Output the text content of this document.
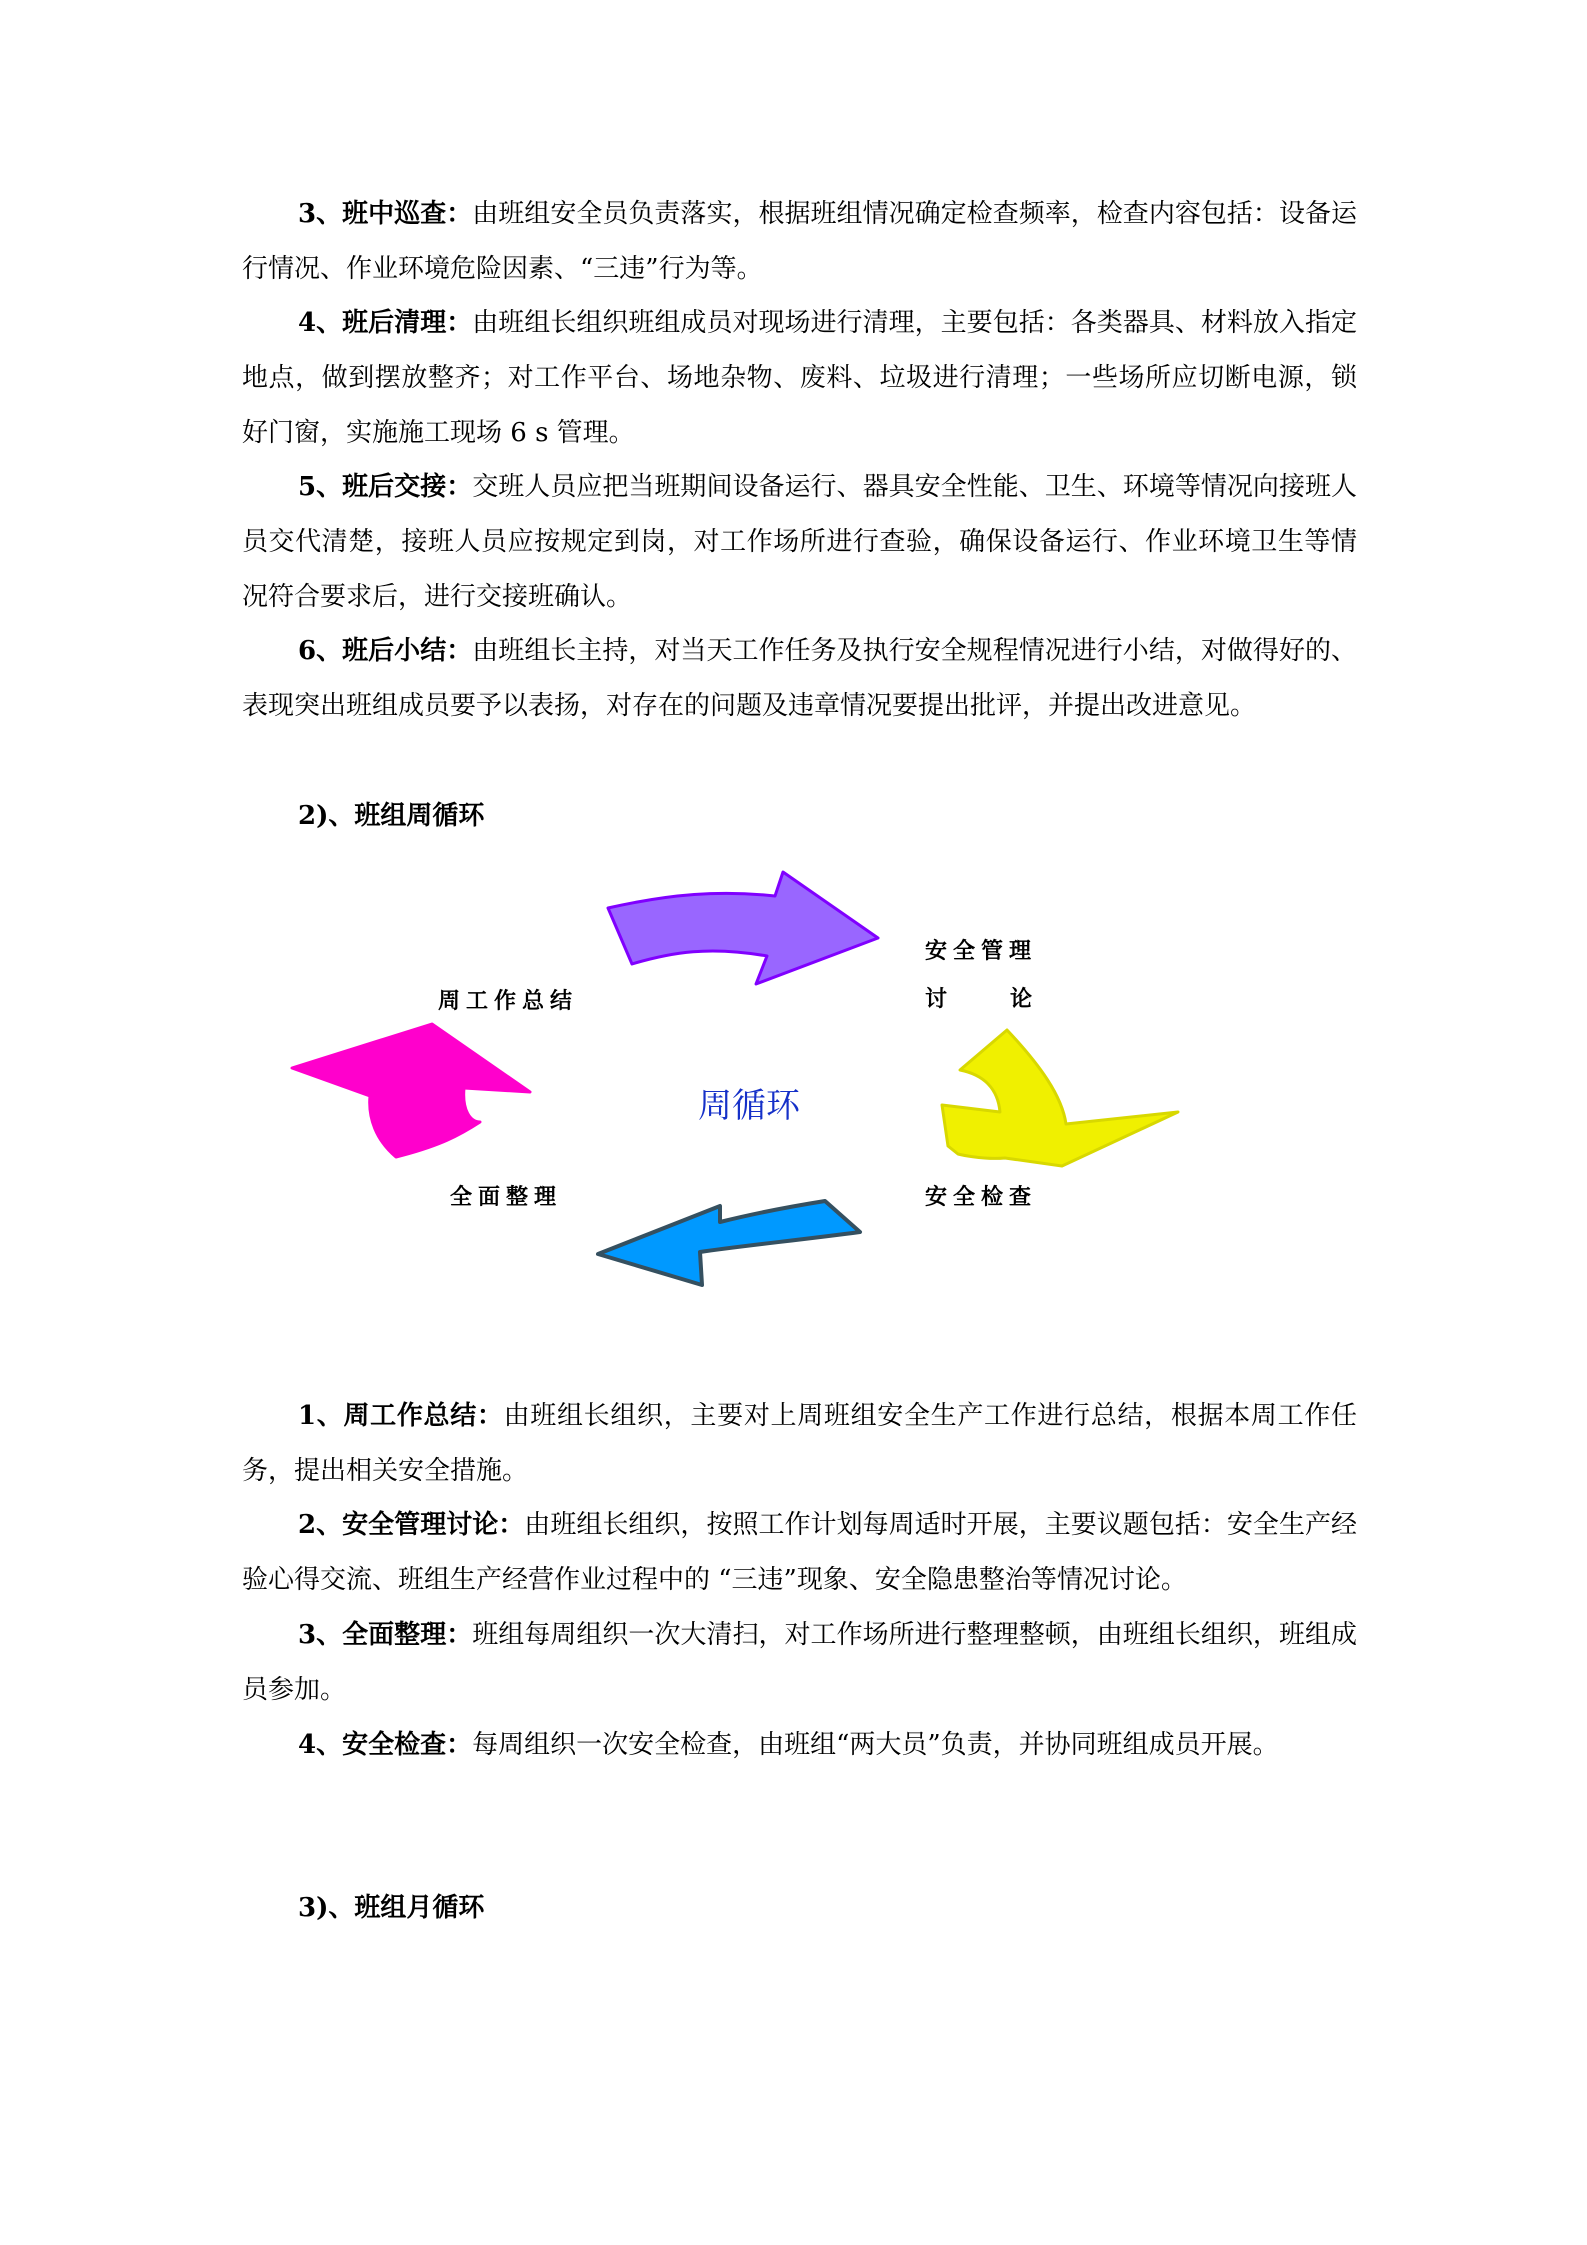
3、班中巡查：由班组安全员负责落实，根据班组情况确定检查频率，检查内容包括：设备运行情况、作业环境危险因素、“三违”行为等。

4、班后清理：由班组长组织班组成员对现场进行清理，主要包括：各类器具、材料放入指定地点，做到摆放整齐；对工作平台、场地杂物、废料、垃圾进行清理；一些场所应切断电源，锁好门窗，实施施工现场 6 s 管理。

5、班后交接：交班人员应把当班期间设备运行、器具安全性能、卫生、环境等情况向接班人员交代清楚，接班人员应按规定到岗，对工作场所进行查验，确保设备运行、作业环境卫生等情况符合要求后，进行交接班确认。

6、班后小结：由班组长主持，对当天工作任务及执行安全规程情况进行小结，对做得好的、表现突出班组成员要予以表扬，对存在的问题及违章情况要提出批评，并提出改进意见。

2)、班组周循环

周工作总结
安全管理
讨	论
周循环
全面整理	安全检查

1、周工作总结：由班组长组织，主要对上周班组安全生产工作进行总结，根据本周工作任务，提出相关安全措施。

2、安全管理讨论：由班组长组织，按照工作计划每周适时开展，主要议题包括：安全生产经验心得交流、班组生产经营作业过程中的 “三违”现象、安全隐患整治等情况讨论。

3、全面整理：班组每周组织一次大清扫，对工作场所进行整理整顿，由班组长组织，班组成员参加。

4、安全检查：每周组织一次安全检查，由班组“两大员”负责，并协同班组成员开展。

3)、班组月循环
